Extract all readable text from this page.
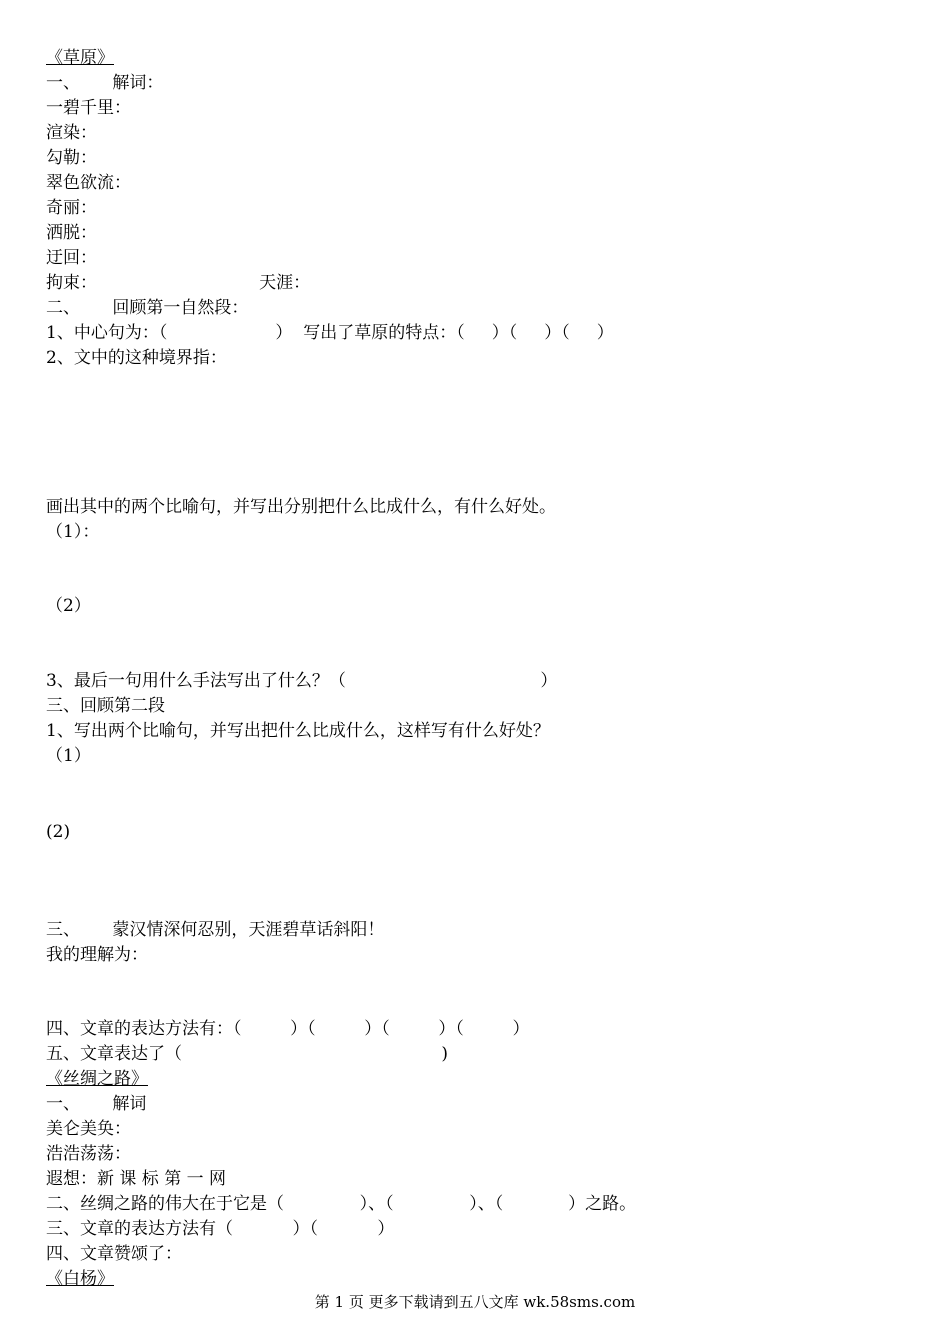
《草原》
一、      解词：
一碧千里：
渲染：
勾勒：
翠色欲流：
奇丽：
洒脱：
迂回：
拘束：                              天涯：
二、      回顾第一自然段：
1、中心句为：（                    ）  写出了草原的特点：（     ）（     ）（     ）
2、文中的这种境界指：
画出其中的两个比喻句，并写出分别把什么比成什么，有什么好处。
（1）：
（2）
3、最后一句用什么手法写出了什么？（                                    ）
三、回顾第二段
1、写出两个比喻句，并写出把什么比成什么，这样写有什么好处？
（1）
(2)
三、      蒙汉情深何忍别，天涯碧草话斜阳！
我的理解为：
四、文章的表达方法有：（         ）（         ）（         ）（         ）
五、文章表达了（                                                )
《丝绸之路》
一、      解词
美仑美奂：
浩浩荡荡：
遐想：新 课 标 第 一 网
二、丝绸之路的伟大在于它是（              ）、（              ）、（            ）之路。
三、文章的表达方法有（           ）（           ）
四、文章赞颂了：
《白杨》
第 1 页 更多下载请到五八文库 wk.58sms.com
